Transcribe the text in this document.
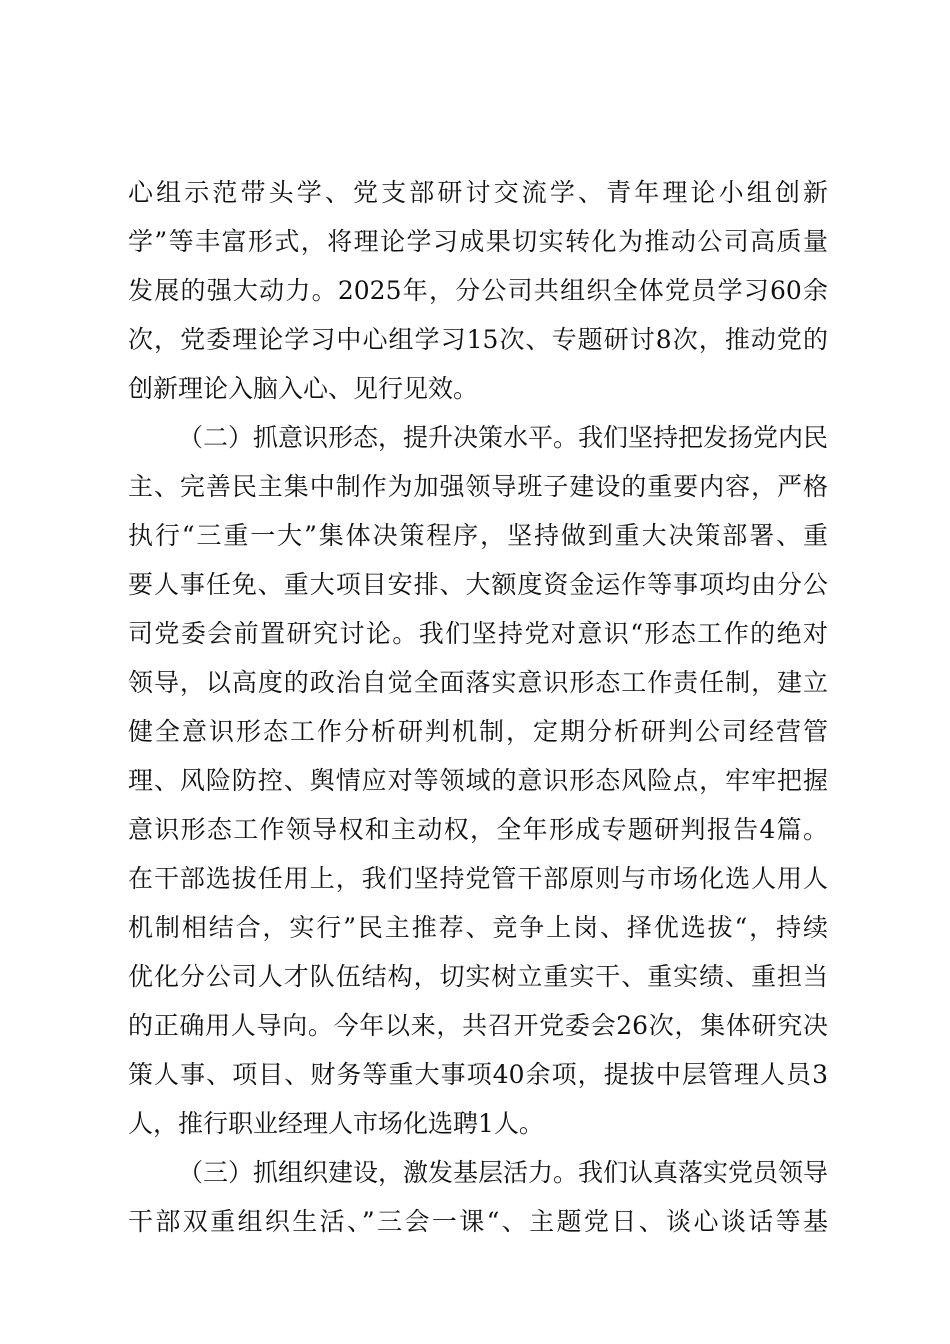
心组示范带头学、党支部研讨交流学、青年理论小组创新
学”等丰富形式，将理论学习成果切实转化为推动公司高质量
发展的强大动力。2025年，分公司共组织全体党员学习60余
次，党委理论学习中心组学习15次、专题研讨8次，推动党的
创新理论入脑入心、见行见效。
（二）抓意识形态，提升决策水平。我们坚持把发扬党内民
主、完善民主集中制作为加强领导班子建设的重要内容，严格
执行“三重一大”集体决策程序，坚持做到重大决策部署、重
要人事任免、重大项目安排、大额度资金运作等事项均由分公
司党委会前置研究讨论。我们坚持党对意识“形态工作的绝对
领导，以高度的政治自觉全面落实意识形态工作责任制，建立
健全意识形态工作分析研判机制，定期分析研判公司经营管
理、风险防控、舆情应对等领域的意识形态风险点，牢牢把握
意识形态工作领导权和主动权，全年形成专题研判报告4篇。
在干部选拔任用上，我们坚持党管干部原则与市场化选人用人
机制相结合，实行”民主推荐、竞争上岗、择优选拔“，持续
优化分公司人才队伍结构，切实树立重实干、重实绩、重担当
的正确用人导向。今年以来，共召开党委会26次，集体研究决
策人事、项目、财务等重大事项40余项，提拔中层管理人员3
人，推行职业经理人市场化选聘1人。
（三）抓组织建设，激发基层活力。我们认真落实党员领导
干部双重组织生活、”三会一课“、主题党日、谈心谈话等基
